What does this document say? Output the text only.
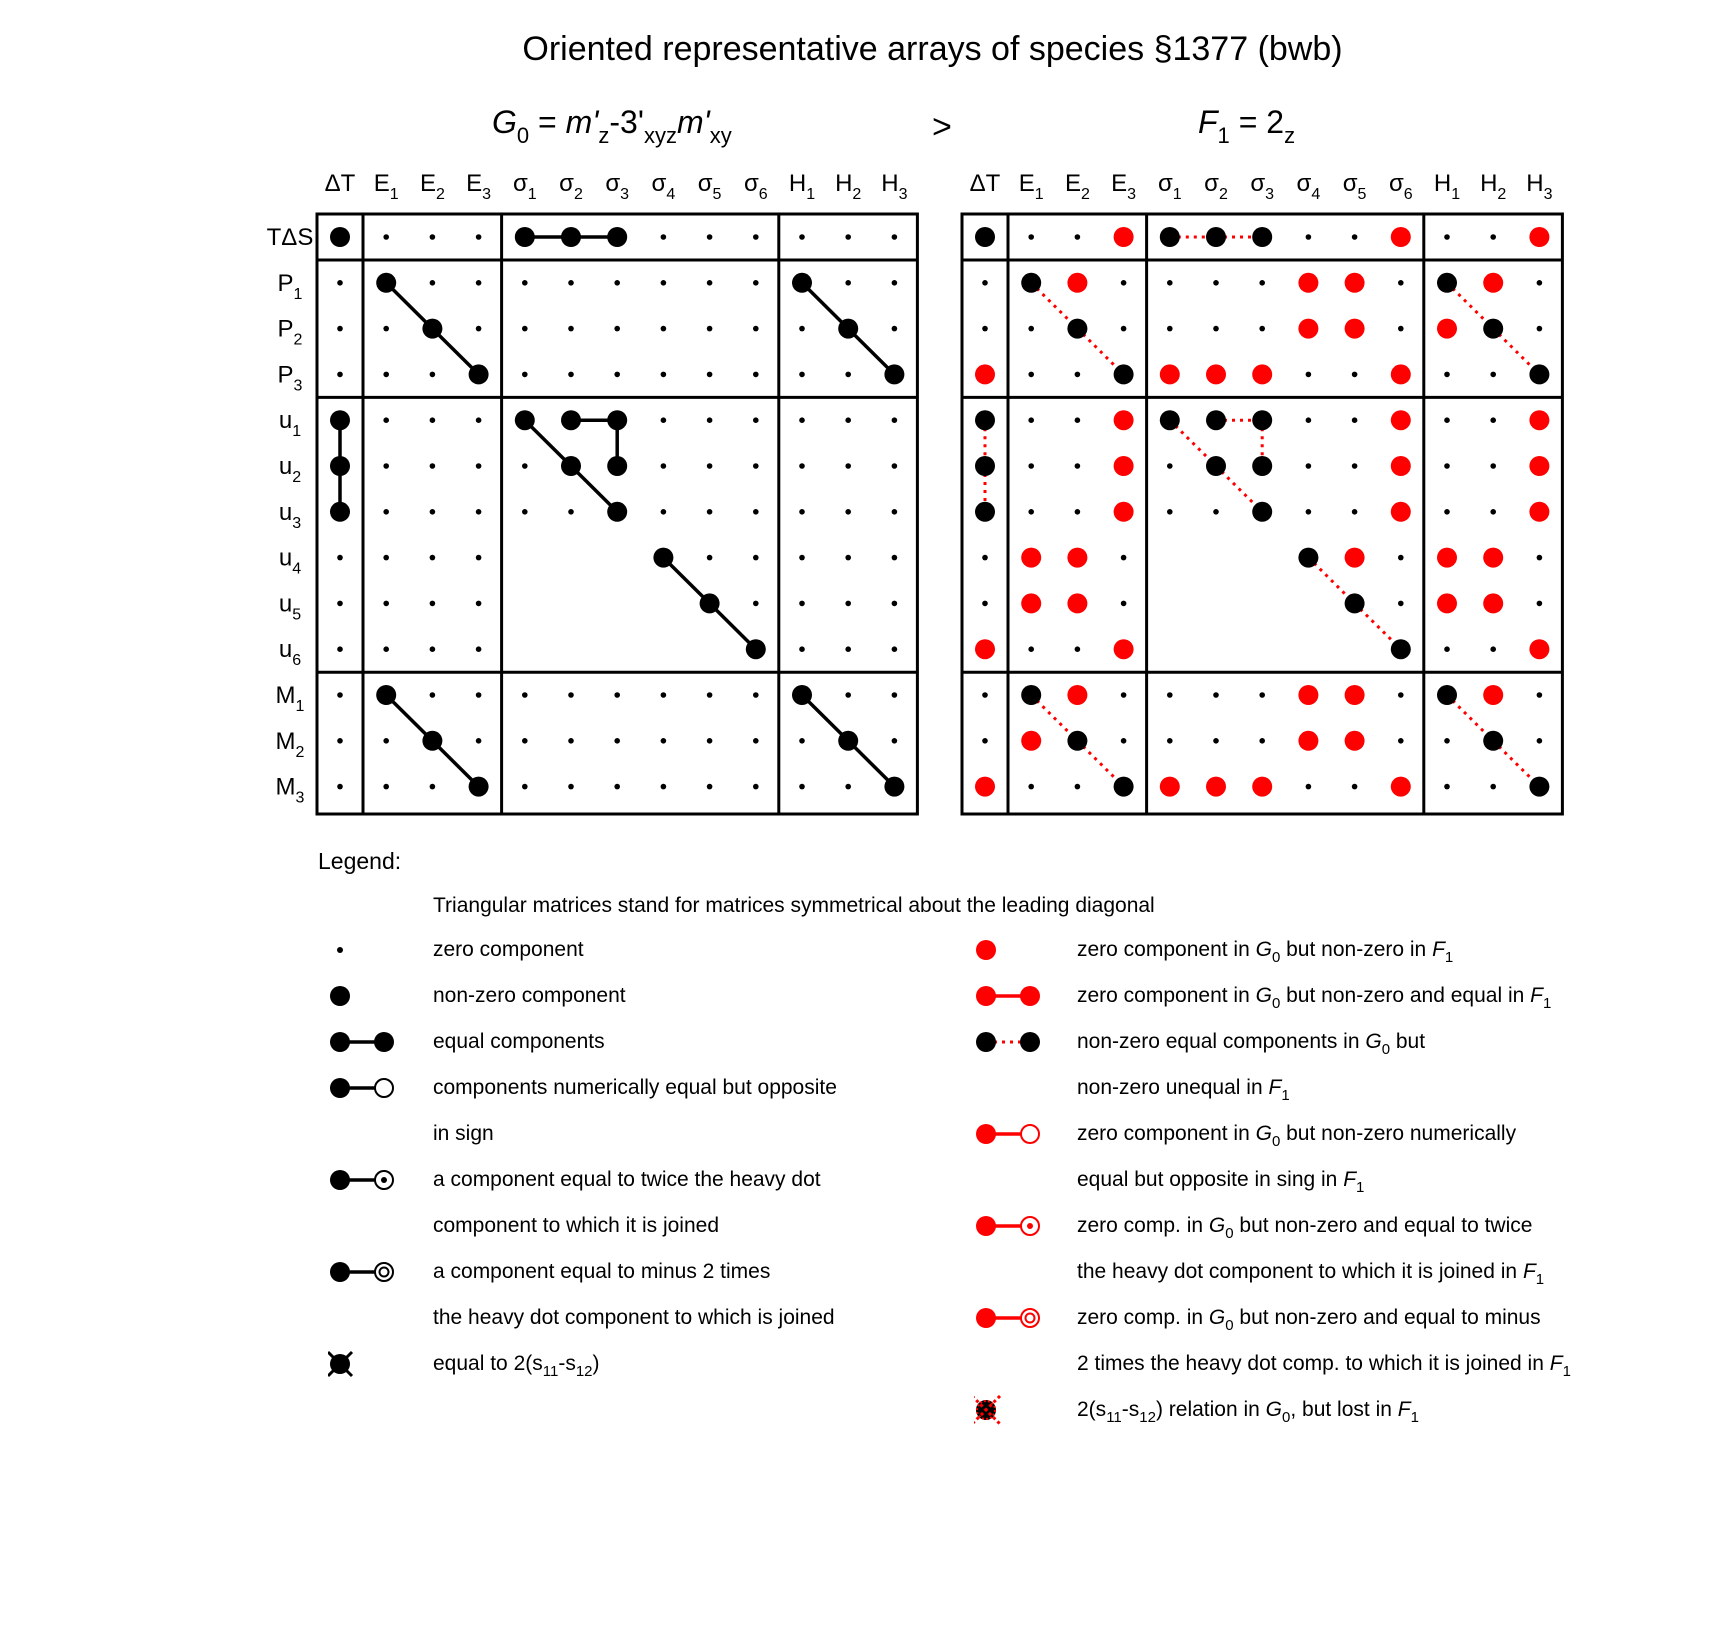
Oriented representative arrays of species §1377 (bwb)
$G_0 = m'_z-3'_{xyz}m'_{xy}$	>	$F_1 = 2_z$
ΔT $E_1$ $E_2$ $E_3$ $\sigma_1$ $\sigma_2$ $\sigma_3$ $\sigma_4$ $\sigma_5$ $\sigma_6$ $H_1$ $H_2$ $H_3$
TΔS
$P_1$
$P_2$
$P_3$
$u_1$
$u_2$
$u_3$
$u_4$
$u_5$
$u_6$
$M_1$
$M_2$
$M_3$
ΔT $E_1$ $E_2$ $E_3$ $\sigma_1$ $\sigma_2$ $\sigma_3$ $\sigma_4$ $\sigma_5$ $\sigma_6$ $H_1$ $H_2$ $H_3$
Legend:
Triangular matrices stand for matrices symmetrical about the leading diagonal
zero component
non-zero component
equal components
components numerically equal but opposite
in sign
a component equal to twice the heavy dot
component to which it is joined
a component equal to minus 2 times
the heavy dot component to which is joined
equal to $2(s_{11}-s_{12})$
zero component in $G_0$ but non-zero in $F_1$
zero component in $G_0$ but non-zero and equal in $F_1$
non-zero equal components in $G_0$ but
non-zero unequal in $F_1$
zero component in $G_0$ but non-zero numerically
equal but opposite in sing in $F_1$
zero comp. in $G_0$ but non-zero and equal to twice
the heavy dot component to which it is joined in $F_1$
zero comp. in $G_0$ but non-zero and equal to minus
2 times the heavy dot comp. to which it is joined in $F_1$
$2(s_{11}-s_{12})$ relation in $G_0$, but lost in $F_1$
